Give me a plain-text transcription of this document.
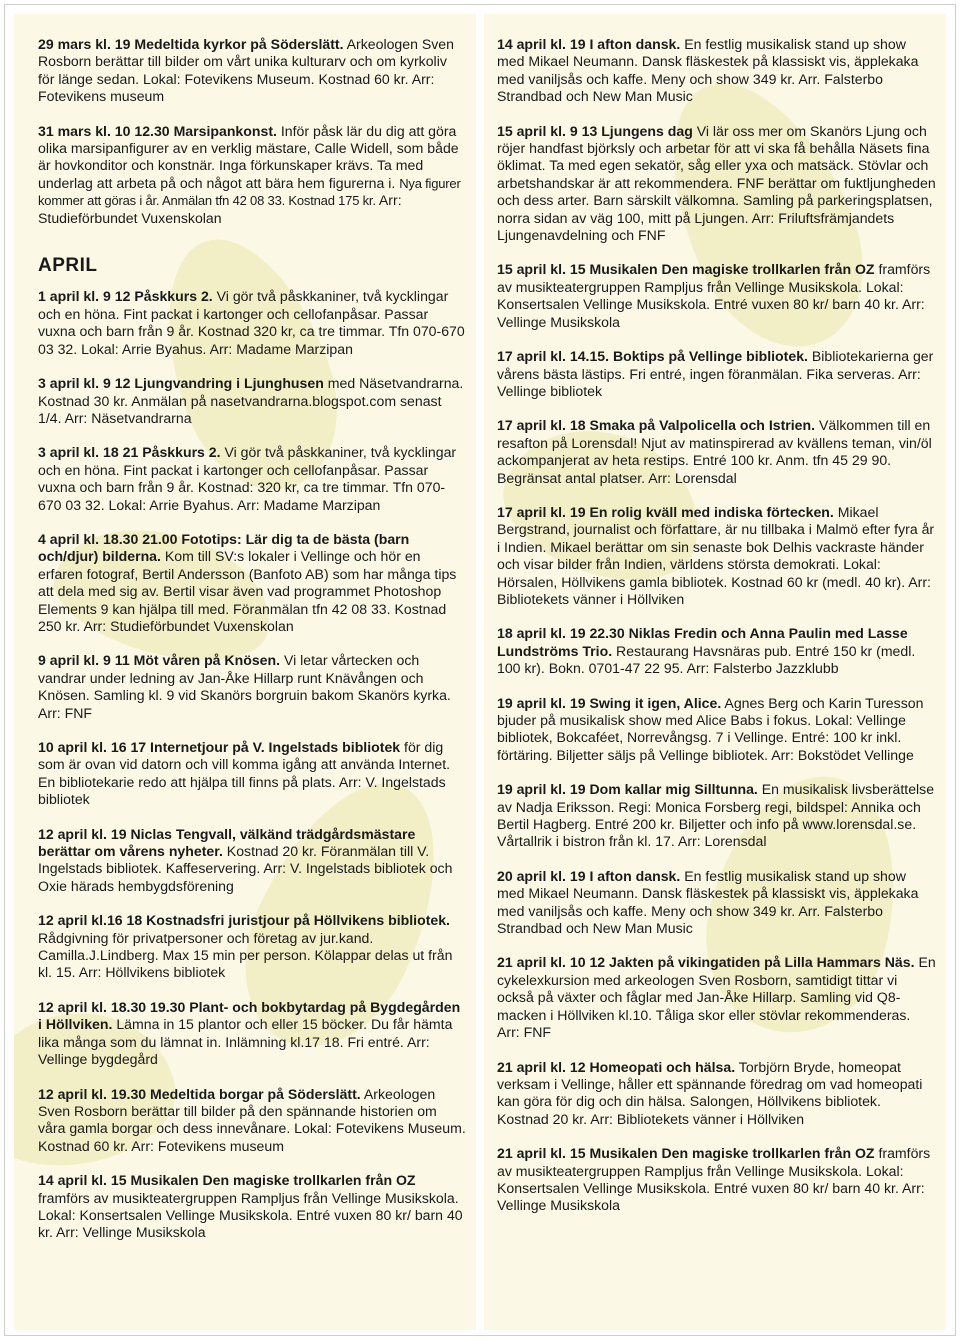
29 mars kl. 19 Medeltida kyrkor på Söderslätt. Arkeologen Sven Rosborn berättar till bilder om vårt unika kulturarv och om kyrkoliv för länge sedan. Lokal: Fotevikens Museum. Kostnad 60 kr. Arr: Fotevikens museum
31 mars kl. 10 12.30 Marsipankonst. Inför påsk lär du dig att göra olika marsipanfigurer av en verklig mästare, Calle Widell, som både är hovkonditor och konstnär. Inga förkunskaper krävs. Ta med underlag att arbeta på och något att bära hem figurerna i. Nya figurer kommer att göras i år. Anmälan tfn 42 08 33. Kostnad 175 kr. Arr: Studieförbundet Vuxenskolan
APRIL
1 april kl. 9 12 Påskkurs 2. Vi gör två påskkaniner, två kycklingar och en höna. Fint packat i kartonger och cellofanpåsar. Passar vuxna och barn från 9 år. Kostnad 320 kr, ca tre timmar. Tfn 070-670 03 32. Lokal: Arrie Byahus. Arr: Madame Marzipan
3 april kl. 9 12 Ljungvandring i Ljunghusen med Näsetvandrarna. Kostnad 30 kr. Anmälan på nasetvandrarna.blogspot.com senast 1/4. Arr: Näsetvandrarna
3 april kl. 18 21 Påskkurs 2. Vi gör två påskkaniner, två kycklingar och en höna. Fint packat i kartonger och cellofanpåsar. Passar vuxna och barn från 9 år. Kostnad: 320 kr, ca tre timmar. Tfn 070-670 03 32. Lokal: Arrie Byahus. Arr: Madame Marzipan
4 april kl. 18.30 21.00 Fototips: Lär dig ta de bästa (barn och/djur) bilderna. Kom till SV:s lokaler i Vellinge och hör en erfaren fotograf, Bertil Andersson (Banfoto AB) som har många tips att dela med sig av. Bertil visar även vad programmet Photoshop Elements 9 kan hjälpa till med. Föranmälan tfn 42 08 33. Kostnad 250 kr. Arr: Studieförbundet Vuxenskolan
9 april kl. 9 11 Möt våren på Knösen. Vi letar vårtecken och vandrar under ledning av Jan-Åke Hillarp runt Knävången och Knösen. Samling kl. 9 vid Skanörs borgruin bakom Skanörs kyrka. Arr: FNF
10 april kl. 16 17 Internetjour på V. Ingelstads bibliotek för dig som är ovan vid datorn och vill komma igång att använda Internet. En bibliotekarie redo att hjälpa till finns på plats. Arr: V. Ingelstads bibliotek
12 april kl. 19 Niclas Tengvall, välkänd trädgårdsmästare berättar om vårens nyheter. Kostnad 20 kr. Föranmälan till V. Ingelstads bibliotek. Kaffeservering. Arr: V. Ingelstads bibliotek och Oxie härads hembygdsförening
12 april kl.16 18 Kostnadsfri juristjour på Höllvikens bibliotek. Rådgivning för privatpersoner och företag av jur.kand. Camilla.J.Lindberg. Max 15 min per person. Kölappar delas ut från kl. 15. Arr: Höllvikens bibliotek
12 april kl. 18.30 19.30 Plant- och bokbytardag på Bygdegården i Höllviken. Lämna in 15 plantor och eller 15 böcker. Du får hämta lika många som du lämnat in. Inlämning kl.17 18. Fri entré. Arr: Vellinge bygdegård
12 april kl. 19.30 Medeltida borgar på Söderslätt. Arkeologen Sven Rosborn berättar till bilder på den spännande historien om våra gamla borgar och dess innevånare. Lokal: Fotevikens Museum. Kostnad 60 kr. Arr: Fotevikens museum
14 april kl. 15 Musikalen Den magiske trollkarlen från OZ framförs av musikteatergruppen Rampljus från Vellinge Musikskola. Lokal: Konsertsalen Vellinge Musikskola. Entré vuxen 80 kr/ barn 40 kr. Arr: Vellinge Musikskola
14 april kl. 19 I afton dansk. En festlig musikalisk stand up show med Mikael Neumann. Dansk fläskestek på klassiskt vis, äpplekaka med vaniljsås och kaffe. Meny och show 349 kr. Arr. Falsterbo Strandbad och New Man Music
15 april kl. 9 13 Ljungens dag Vi lär oss mer om Skanörs Ljung och röjer handfast björksly och arbetar för att vi ska få behålla Näsets fina öklimat. Ta med egen sekatör, såg eller yxa och matsäck. Stövlar och arbetshandskar är att rekommendera. FNF berättar om fuktljungheden och dess arter. Barn särskilt välkomna. Samling på parkeringsplatsen, norra sidan av väg 100, mitt på Ljungen. Arr: Friluftsfrämjandets Ljungenavdelning och FNF
15 april kl. 15 Musikalen Den magiske trollkarlen från OZ framförs av musikteatergruppen Rampljus från Vellinge Musikskola. Lokal: Konsertsalen Vellinge Musikskola. Entré vuxen 80 kr/ barn 40 kr. Arr: Vellinge Musikskola
17 april kl. 14.15. Boktips på Vellinge bibliotek. Bibliotekarierna ger vårens bästa lästips. Fri entré, ingen föranmälan. Fika serveras. Arr: Vellinge bibliotek
17 april kl. 18 Smaka på Valpolicella och Istrien. Välkommen till en resafton på Lorensdal! Njut av matinspirerad av kvällens teman, vin/öl ackompanjerat av heta restips. Entré 100 kr. Anm. tfn 45 29 90. Begränsat antal platser. Arr: Lorensdal
17 april kl. 19 En rolig kväll med indiska förtecken. Mikael Bergstrand, journalist och författare, är nu tillbaka i Malmö efter fyra år i Indien. Mikael berättar om sin senaste bok Delhis vackraste händer och visar bilder från Indien, världens största demokrati. Lokal: Hörsalen, Höllvikens gamla bibliotek. Kostnad 60 kr (medl. 40 kr). Arr: Bibliotekets vänner i Höllviken
18 april kl. 19 22.30 Niklas Fredin och Anna Paulin med Lasse Lundströms Trio. Restaurang Havsnäras pub. Entré 150 kr (medl. 100 kr). Bokn. 0701-47 22 95. Arr: Falsterbo Jazzklubb
19 april kl. 19 Swing it igen, Alice. Agnes Berg och Karin Turesson bjuder på musikalisk show med Alice Babs i fokus. Lokal: Vellinge bibliotek, Bokcaféet, Norrevångsg. 7 i Vellinge. Entré: 100 kr inkl. förtäring. Biljetter säljs på Vellinge bibliotek. Arr: Bokstödet Vellinge
19 april kl. 19 Dom kallar mig Silltunna. En musikalisk livsberättelse av Nadja Eriksson. Regi: Monica Forsberg regi, bildspel: Annika och Bertil Hagberg. Entré 200 kr. Biljetter och info på www.lorensdal.se. Vårtallrik i bistron från kl. 17. Arr: Lorensdal
20 april kl. 19 I afton dansk. En festlig musikalisk stand up show med Mikael Neumann. Dansk fläskestek på klassiskt vis, äpplekaka med vaniljsås och kaffe. Meny och show 349 kr. Arr. Falsterbo Strandbad och New Man Music
21 april kl. 10 12 Jakten på vikingatiden på Lilla Hammars Näs. En cykelexkursion med arkeologen Sven Rosborn, samtidigt tittar vi också på växter och fåglar med Jan-Åke Hillarp. Samling vid Q8-macken i Höllviken kl.10. Tåliga skor eller stövlar rekommenderas. Arr: FNF
21 april kl. 12 Homeopati och hälsa. Torbjörn Bryde, homeopat verksam i Vellinge, håller ett spännande föredrag om vad homeopati kan göra för dig och din hälsa. Salongen, Höllvikens bibliotek. Kostnad 20 kr. Arr: Bibliotekets vänner i Höllviken
21 april kl. 15 Musikalen Den magiske trollkarlen från OZ framförs av musikteatergruppen Rampljus från Vellinge Musikskola. Lokal: Konsertsalen Vellinge Musikskola. Entré vuxen 80 kr/ barn 40 kr. Arr: Vellinge Musikskola
